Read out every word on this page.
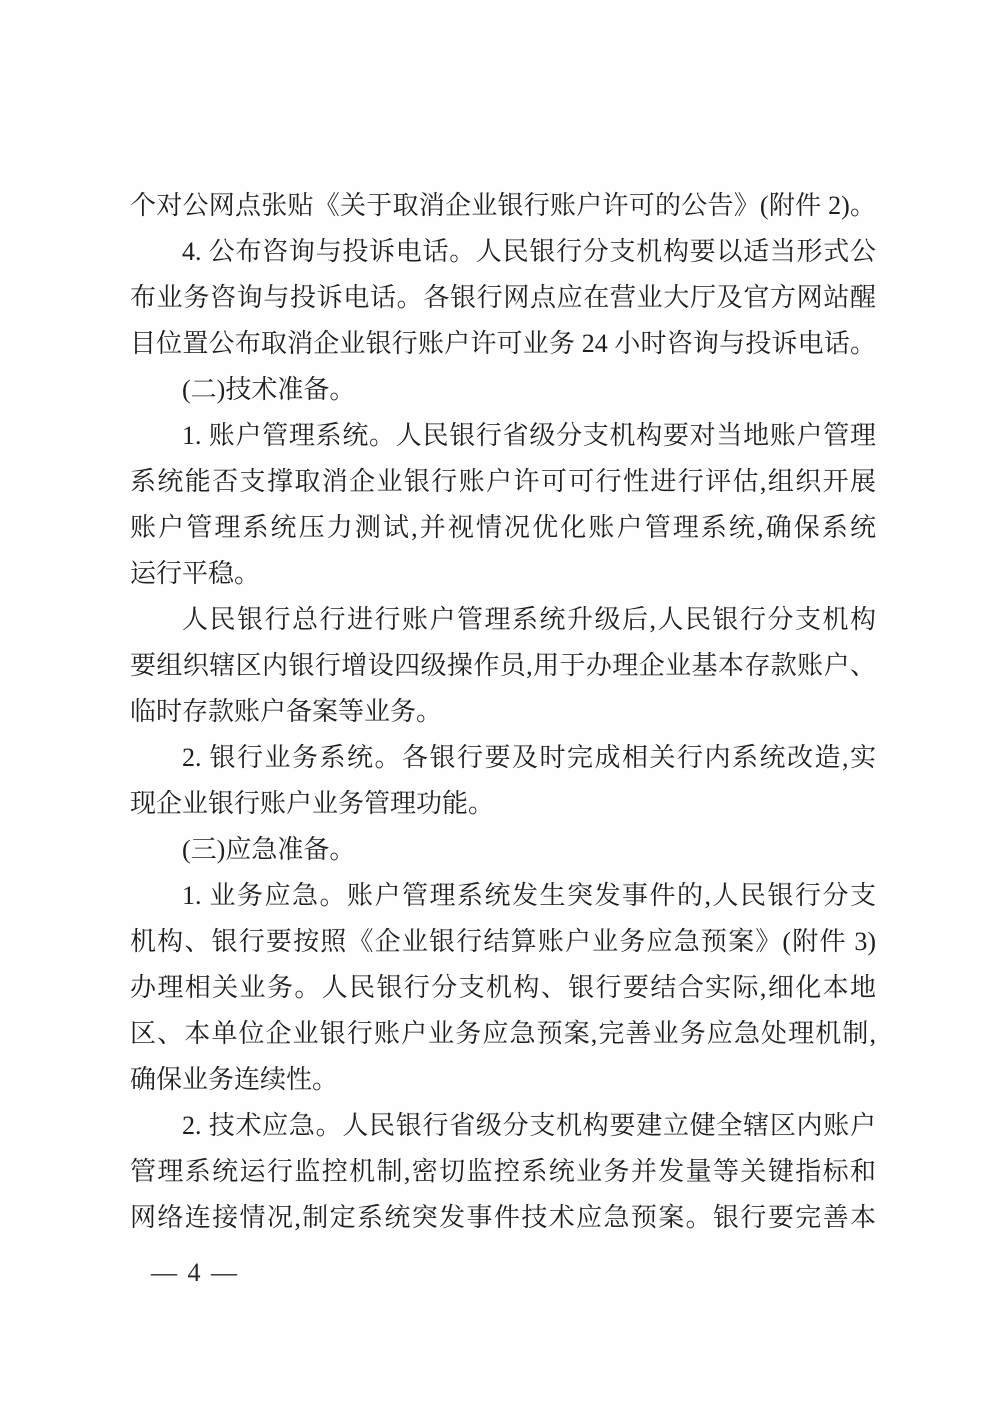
个对公网点张贴《关于取消企业银行账户许可的公告》(附件 2)。
4. 公布咨询与投诉电话。人民银行分支机构要以适当形式公
布业务咨询与投诉电话。各银行网点应在营业大厅及官方网站醒
目位置公布取消企业银行账户许可业务 24 小时咨询与投诉电话。
(二)技术准备。
1. 账户管理系统。人民银行省级分支机构要对当地账户管理
系统能否支撑取消企业银行账户许可可行性进行评估,组织开展
账户管理系统压力测试,并视情况优化账户管理系统,确保系统
运行平稳。
人民银行总行进行账户管理系统升级后,人民银行分支机构
要组织辖区内银行增设四级操作员,用于办理企业基本存款账户、
临时存款账户备案等业务。
2. 银行业务系统。各银行要及时完成相关行内系统改造,实
现企业银行账户业务管理功能。
(三)应急准备。
1. 业务应急。账户管理系统发生突发事件的,人民银行分支
机构、银行要按照《企业银行结算账户业务应急预案》(附件 3)
办理相关业务。人民银行分支机构、银行要结合实际,细化本地
区、本单位企业银行账户业务应急预案,完善业务应急处理机制,
确保业务连续性。
2. 技术应急。人民银行省级分支机构要建立健全辖区内账户
管理系统运行监控机制,密切监控系统业务并发量等关键指标和
网络连接情况,制定系统突发事件技术应急预案。银行要完善本
— 4 —
